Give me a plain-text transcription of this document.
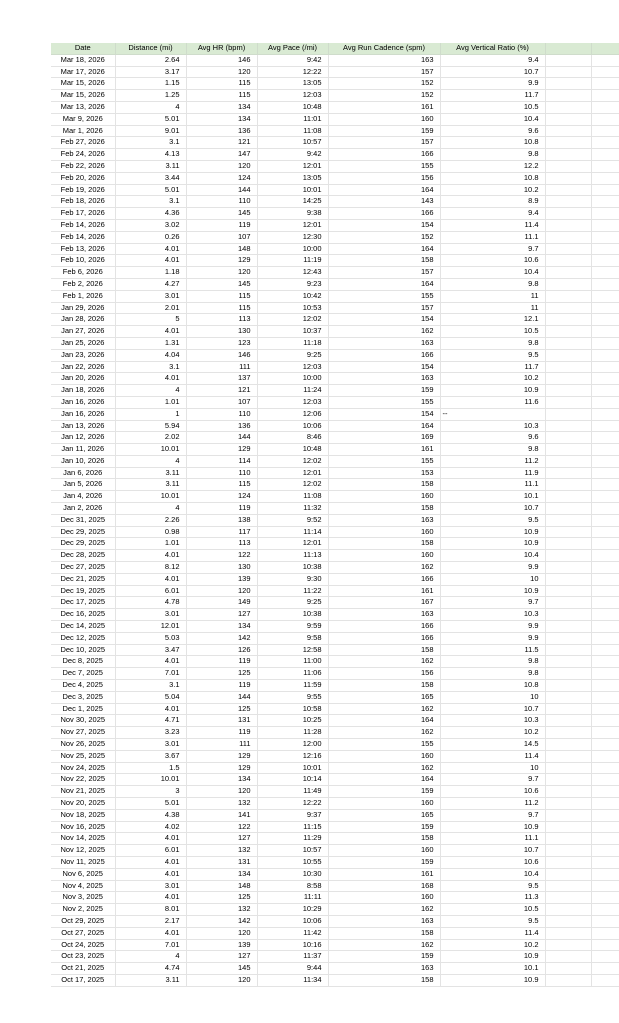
Date	Distance (mi)	Avg HR (bpm)	Avg Pace (/mi)	Avg Run Cadence (spm)	Avg Vertical Ratio (%)		
Mar 18, 2026	2.64	146	9:42	163	9.4		
Mar 17, 2026	3.17	120	12:22	157	10.7		
Mar 15, 2026	1.15	115	13:05	152	9.9		
Mar 15, 2026	1.25	115	12:03	152	11.7		
Mar 13, 2026	4	134	10:48	161	10.5		
Mar 9, 2026	5.01	134	11:01	160	10.4		
Mar 1, 2026	9.01	136	11:08	159	9.6		
Feb 27, 2026	3.1	121	10:57	157	10.8		
Feb 24, 2026	4.13	147	9:42	166	9.8		
Feb 22, 2026	3.11	120	12:01	155	12.2		
Feb 20, 2026	3.44	124	13:05	156	10.8		
Feb 19, 2026	5.01	144	10:01	164	10.2		
Feb 18, 2026	3.1	110	14:25	143	8.9		
Feb 17, 2026	4.36	145	9:38	166	9.4		
Feb 14, 2026	3.02	119	12:01	154	11.4		
Feb 14, 2026	0.26	107	12:30	152	11.1		
Feb 13, 2026	4.01	148	10:00	164	9.7		
Feb 10, 2026	4.01	129	11:19	158	10.6		
Feb 6, 2026	1.18	120	12:43	157	10.4		
Feb 2, 2026	4.27	145	9:23	164	9.8		
Feb 1, 2026	3.01	115	10:42	155	11		
Jan 29, 2026	2.01	115	10:53	157	11		
Jan 28, 2026	5	113	12:02	154	12.1		
Jan 27, 2026	4.01	130	10:37	162	10.5		
Jan 25, 2026	1.31	123	11:18	163	9.8		
Jan 23, 2026	4.04	146	9:25	166	9.5		
Jan 22, 2026	3.1	111	12:03	154	11.7		
Jan 20, 2026	4.01	137	10:00	163	10.2		
Jan 18, 2026	4	121	11:24	159	10.9		
Jan 16, 2026	1.01	107	12:03	155	11.6		
Jan 16, 2026	1	110	12:06	154	--		
Jan 13, 2026	5.94	136	10:06	164	10.3		
Jan 12, 2026	2.02	144	8:46	169	9.6		
Jan 11, 2026	10.01	129	10:48	161	9.8		
Jan 10, 2026	4	114	12:02	155	11.2		
Jan 6, 2026	3.11	110	12:01	153	11.9		
Jan 5, 2026	3.11	115	12:02	158	11.1		
Jan 4, 2026	10.01	124	11:08	160	10.1		
Jan 2, 2026	4	119	11:32	158	10.7		
Dec 31, 2025	2.26	138	9:52	163	9.5		
Dec 29, 2025	0.98	117	11:14	160	10.9		
Dec 29, 2025	1.01	113	12:01	158	10.9		
Dec 28, 2025	4.01	122	11:13	160	10.4		
Dec 27, 2025	8.12	130	10:38	162	9.9		
Dec 21, 2025	4.01	139	9:30	166	10		
Dec 19, 2025	6.01	120	11:22	161	10.9		
Dec 17, 2025	4.78	149	9:25	167	9.7		
Dec 16, 2025	3.01	127	10:38	163	10.3		
Dec 14, 2025	12.01	134	9:59	166	9.9		
Dec 12, 2025	5.03	142	9:58	166	9.9		
Dec 10, 2025	3.47	126	12:58	158	11.5		
Dec 8, 2025	4.01	119	11:00	162	9.8		
Dec 7, 2025	7.01	125	11:06	156	9.8		
Dec 4, 2025	3.1	119	11:59	158	10.8		
Dec 3, 2025	5.04	144	9:55	165	10		
Dec 1, 2025	4.01	125	10:58	162	10.7		
Nov 30, 2025	4.71	131	10:25	164	10.3		
Nov 27, 2025	3.23	119	11:28	162	10.2		
Nov 26, 2025	3.01	111	12:00	155	14.5		
Nov 25, 2025	3.67	129	12:16	160	11.4		
Nov 24, 2025	1.5	129	10:01	162	10		
Nov 22, 2025	10.01	134	10:14	164	9.7		
Nov 21, 2025	3	120	11:49	159	10.6		
Nov 20, 2025	5.01	132	12:22	160	11.2		
Nov 18, 2025	4.38	141	9:37	165	9.7		
Nov 16, 2025	4.02	122	11:15	159	10.9		
Nov 14, 2025	4.01	127	11:29	158	11.1		
Nov 12, 2025	6.01	132	10:57	160	10.7		
Nov 11, 2025	4.01	131	10:55	159	10.6		
Nov 6, 2025	4.01	134	10:30	161	10.4		
Nov 4, 2025	3.01	148	8:58	168	9.5		
Nov 3, 2025	4.01	125	11:11	160	11.3		
Nov 2, 2025	8.01	132	10:29	162	10.5		
Oct 29, 2025	2.17	142	10:06	163	9.5		
Oct 27, 2025	4.01	120	11:42	158	11.4		
Oct 24, 2025	7.01	139	10:16	162	10.2		
Oct 23, 2025	4	127	11:37	159	10.9		
Oct 21, 2025	4.74	145	9:44	163	10.1		
Oct 17, 2025	3.11	120	11:34	158	10.9		
